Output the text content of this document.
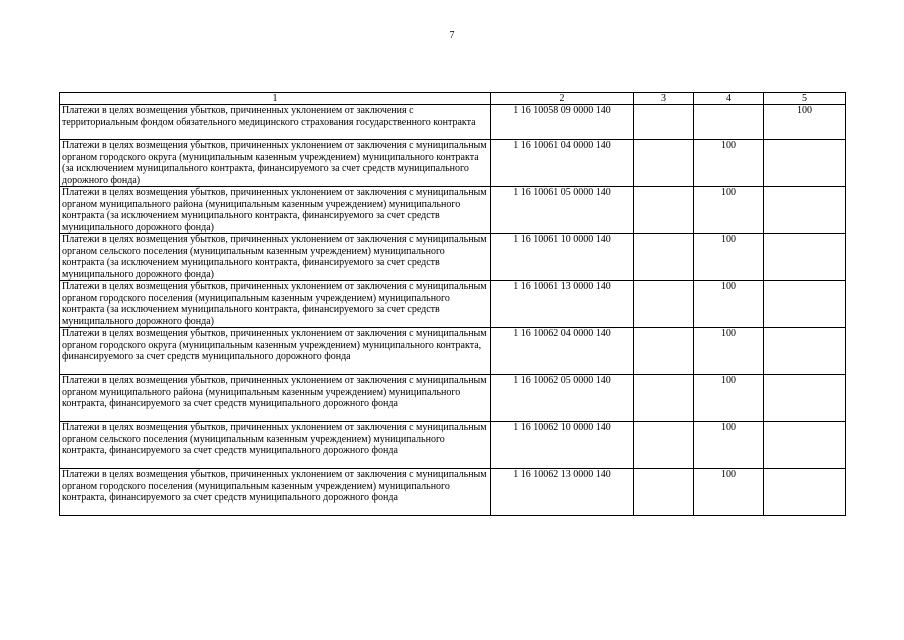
7
1	2	3	4	5
Платежи в целях возмещения убытков, причиненных уклонением от заключения с территориальным фондом обязательного медицинского страхования государственного контракта	1 16 10058 09 0000 140			100
Платежи в целях возмещения убытков, причиненных уклонением от заключения с муниципальным органом городского округа (муниципальным казенным учреждением) муниципального контракта (за исключением муниципального контракта, финансируемого за счет средств муниципального дорожного фонда)	1 16 10061 04 0000 140		100	
Платежи в целях возмещения убытков, причиненных уклонением от заключения с муниципальным органом муниципального района (муниципальным казенным учреждением) муниципального контракта (за исключением муниципального контракта, финансируемого за счет средств муниципального дорожного фонда)	1 16 10061 05 0000 140		100	
Платежи в целях возмещения убытков, причиненных уклонением от заключения с муниципальным органом сельского поселения (муниципальным казенным учреждением) муниципального контракта (за исключением муниципального контракта, финансируемого за счет средств муниципального дорожного фонда)	1 16 10061 10 0000 140		100	
Платежи в целях возмещения убытков, причиненных уклонением от заключения с муниципальным органом городского поселения (муниципальным казенным учреждением) муниципального контракта (за исключением муниципального контракта, финансируемого за счет средств муниципального дорожного фонда)	1 16 10061 13 0000 140		100	
Платежи в целях возмещения убытков, причиненных уклонением от заключения с муниципальным органом городского округа (муниципальным казенным учреждением) муниципального контракта, финансируемого за счет средств муниципального дорожного фонда	1 16 10062 04 0000 140		100	
Платежи в целях возмещения убытков, причиненных уклонением от заключения с муниципальным органом муниципального района (муниципальным казенным учреждением) муниципального контракта, финансируемого за счет средств муниципального дорожного фонда	1 16 10062 05 0000 140		100	
Платежи в целях возмещения убытков, причиненных уклонением от заключения с муниципальным органом сельского поселения (муниципальным казенным учреждением) муниципального контракта, финансируемого за счет средств муниципального дорожного фонда	1 16 10062 10 0000 140		100	
Платежи в целях возмещения убытков, причиненных уклонением от заключения с муниципальным органом городского поселения (муниципальным казенным учреждением) муниципального контракта, финансируемого за счет средств муниципального дорожного фонда	1 16 10062 13 0000 140		100	
